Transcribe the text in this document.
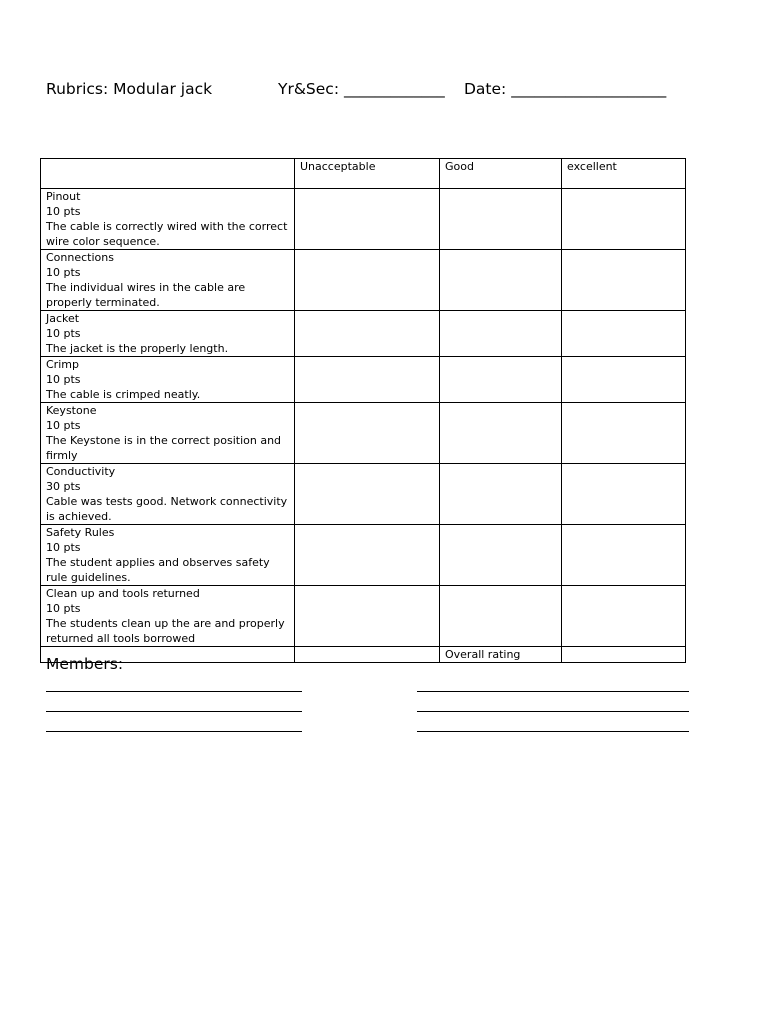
Rubrics: Modular jack

	Yr&Sec: _____________

Date: ____________________

	Unacceptable	Good	excellent

Pinout
10 pts
The cable is correctly wired with the correct wire color sequence.			

Connections
10 pts
The individual wires in the cable are properly terminated.			

Jacket
10 pts
The jacket is the properly length.			

Crimp
10 pts
The cable is crimped neatly.			

Keystone
10 pts
The Keystone is in the correct position and firmly			

Conductivity
30 pts
Cable was tests good. Network connectivity is achieved.			

Safety Rules
10 pts
The student applies and observes safety rule guidelines.			

Clean up and tools returned
10 pts
The students clean up the are and properly returned all tools borrowed			

		Overall rating	
Members:
